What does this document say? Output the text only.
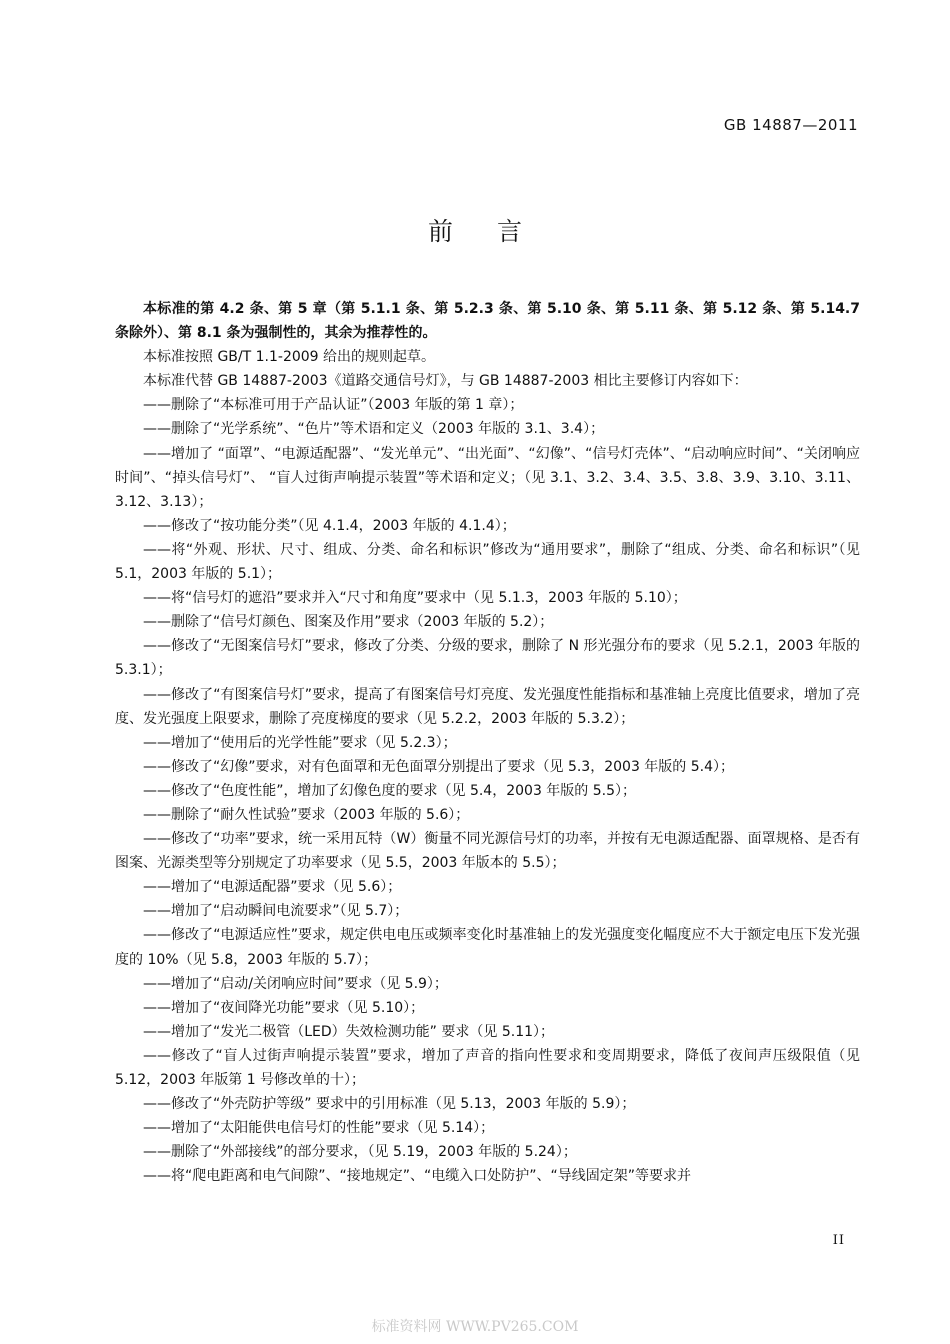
GB 14887—2011
前言

本标准的第 4.2 条、第 5 章（第 5.1.1 条、第 5.2.3 条、第 5.10 条、第 5.11 条、第 5.12 条、第 5.14.7 条除外）、第 8.1 条为强制性的，其余为推荐性的。

本标准按照 GB/T 1.1-2009 给出的规则起草。

本标准代替 GB 14887-2003《道路交通信号灯》，与 GB 14887-2003 相比主要修订内容如下：

——删除了“本标准可用于产品认证”（2003 年版的第 1 章）；

——删除了“光学系统”、“色片”等术语和定义（2003 年版的 3.1、3.4）；

——增加了 “面罩”、“电源适配器”、“发光单元”、“出光面”、“幻像”、“信号灯壳体”、“启动响应时间”、“关闭响应时间”、“掉头信号灯”、 “盲人过街声响提示装置”等术语和定义；（见 3.1、3.2、3.4、3.5、3.8、3.9、3.10、3.11、3.12、3.13）；

——修改了“按功能分类”（见 4.1.4，2003 年版的 4.1.4）；

——将“外观、形状、尺寸、组成、分类、命名和标识”修改为“通用要求”，删除了“组成、分类、命名和标识”（见 5.1，2003 年版的 5.1）；

——将“信号灯的遮沿”要求并入“尺寸和角度”要求中（见 5.1.3，2003 年版的 5.10）；

——删除了“信号灯颜色、图案及作用”要求（2003 年版的 5.2）；

——修改了“无图案信号灯”要求，修改了分类、分级的要求，删除了 N 形光强分布的要求（见 5.2.1，2003 年版的 5.3.1）；

——修改了“有图案信号灯”要求，提高了有图案信号灯亮度、发光强度性能指标和基准轴上亮度比值要求，增加了亮度、发光强度上限要求，删除了亮度梯度的要求（见 5.2.2，2003 年版的 5.3.2）；

——增加了“使用后的光学性能”要求（见 5.2.3）；

——修改了“幻像”要求，对有色面罩和无色面罩分别提出了要求（见 5.3，2003 年版的 5.4）；

——修改了“色度性能”，增加了幻像色度的要求（见 5.4，2003 年版的 5.5）；

——删除了“耐久性试验”要求（2003 年版的 5.6）；

——修改了“功率”要求，统一采用瓦特（W）衡量不同光源信号灯的功率，并按有无电源适配器、面罩规格、是否有图案、光源类型等分别规定了功率要求（见 5.5，2003 年版本的 5.5）；

——增加了“电源适配器”要求（见 5.6）；

——增加了“启动瞬间电流要求”（见 5.7）；

——修改了“电源适应性”要求，规定供电电压或频率变化时基准轴上的发光强度变化幅度应不大于额定电压下发光强度的 10%（见 5.8，2003 年版的 5.7）；

——增加了“启动/关闭响应时间”要求（见 5.9）；

——增加了“夜间降光功能”要求（见 5.10）；

——增加了“发光二极管（LED）失效检测功能” 要求（见 5.11）；

——修改了“盲人过街声响提示装置”要求，增加了声音的指向性要求和变周期要求，降低了夜间声压级限值（见 5.12，2003 年版第 1 号修改单的十）；

——修改了“外壳防护等级” 要求中的引用标准（见 5.13，2003 年版的 5.9）；

——增加了“太阳能供电信号灯的性能”要求（见 5.14）；

——删除了“外部接线”的部分要求，（见 5.19，2003 年版的 5.24）；

——将“爬电距离和电气间隙”、“接地规定”、“电缆入口处防护”、“导线固定架”等要求并

II
标准资料网 WWW.PV265.COM
